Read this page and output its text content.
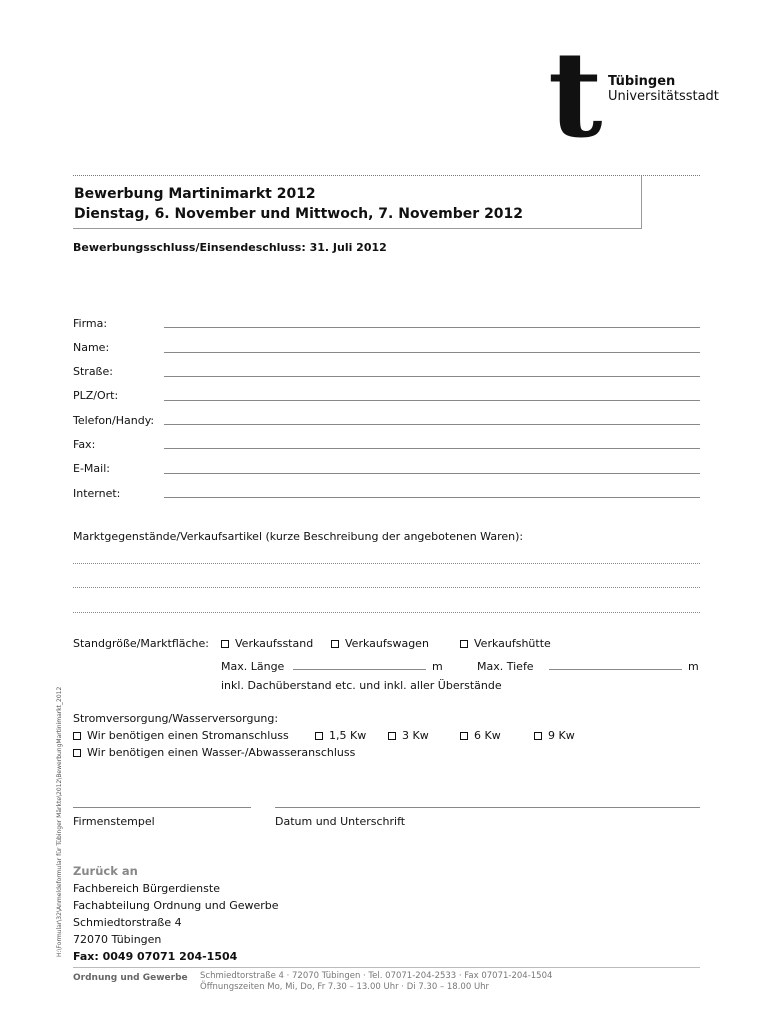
t Tübingen
Universitätsstadt
Bewerbung Martinimarkt 2012
Dienstag, 6. November und Mittwoch, 7. November 2012
Bewerbungsschluss/Einsendeschluss: 31. Juli 2012
Firma:
Name:
Straße:
PLZ/Ort:
Telefon/Handy:
Fax:
E-Mail:
Internet:
Marktgegenstände/Verkaufsartikel (kurze Beschreibung der angebotenen Waren):
Standgröße/Marktfläche:	Verkaufsstand	Verkaufswagen	Verkaufshütte
Max. Länge	m	Max. Tiefe	m
inkl. Dachüberstand etc. und inkl. aller Überstände
Stromversorgung/Wasserversorgung:
Wir benötigen einen Stromanschluss	1,5 Kw	3 Kw	6 Kw	9 Kw
Wir benötigen einen Wasser-/Abwasseranschluss
Firmenstempel	Datum und Unterschrift
Zurück an
Fachbereich Bürgerdienste
Fachabteilung Ordnung und Gewerbe
Schmiedtorstraße 4
72070 Tübingen
Fax: 0049 07071 204-1504
Ordnung und Gewerbe Schmiedtorstraße 4 · 72070 Tübingen · Tel. 07071-204-2533 · Fax 07071-204-1504
Öffnungszeiten Mo, Mi, Do, Fr 7.30 – 13.00 Uhr · Di 7.30 – 18.00 Uhr
H:\Formular\32\Anmeldeformular für Tübinger Märkte\2012\BewerbungMartinimarkt_2012
